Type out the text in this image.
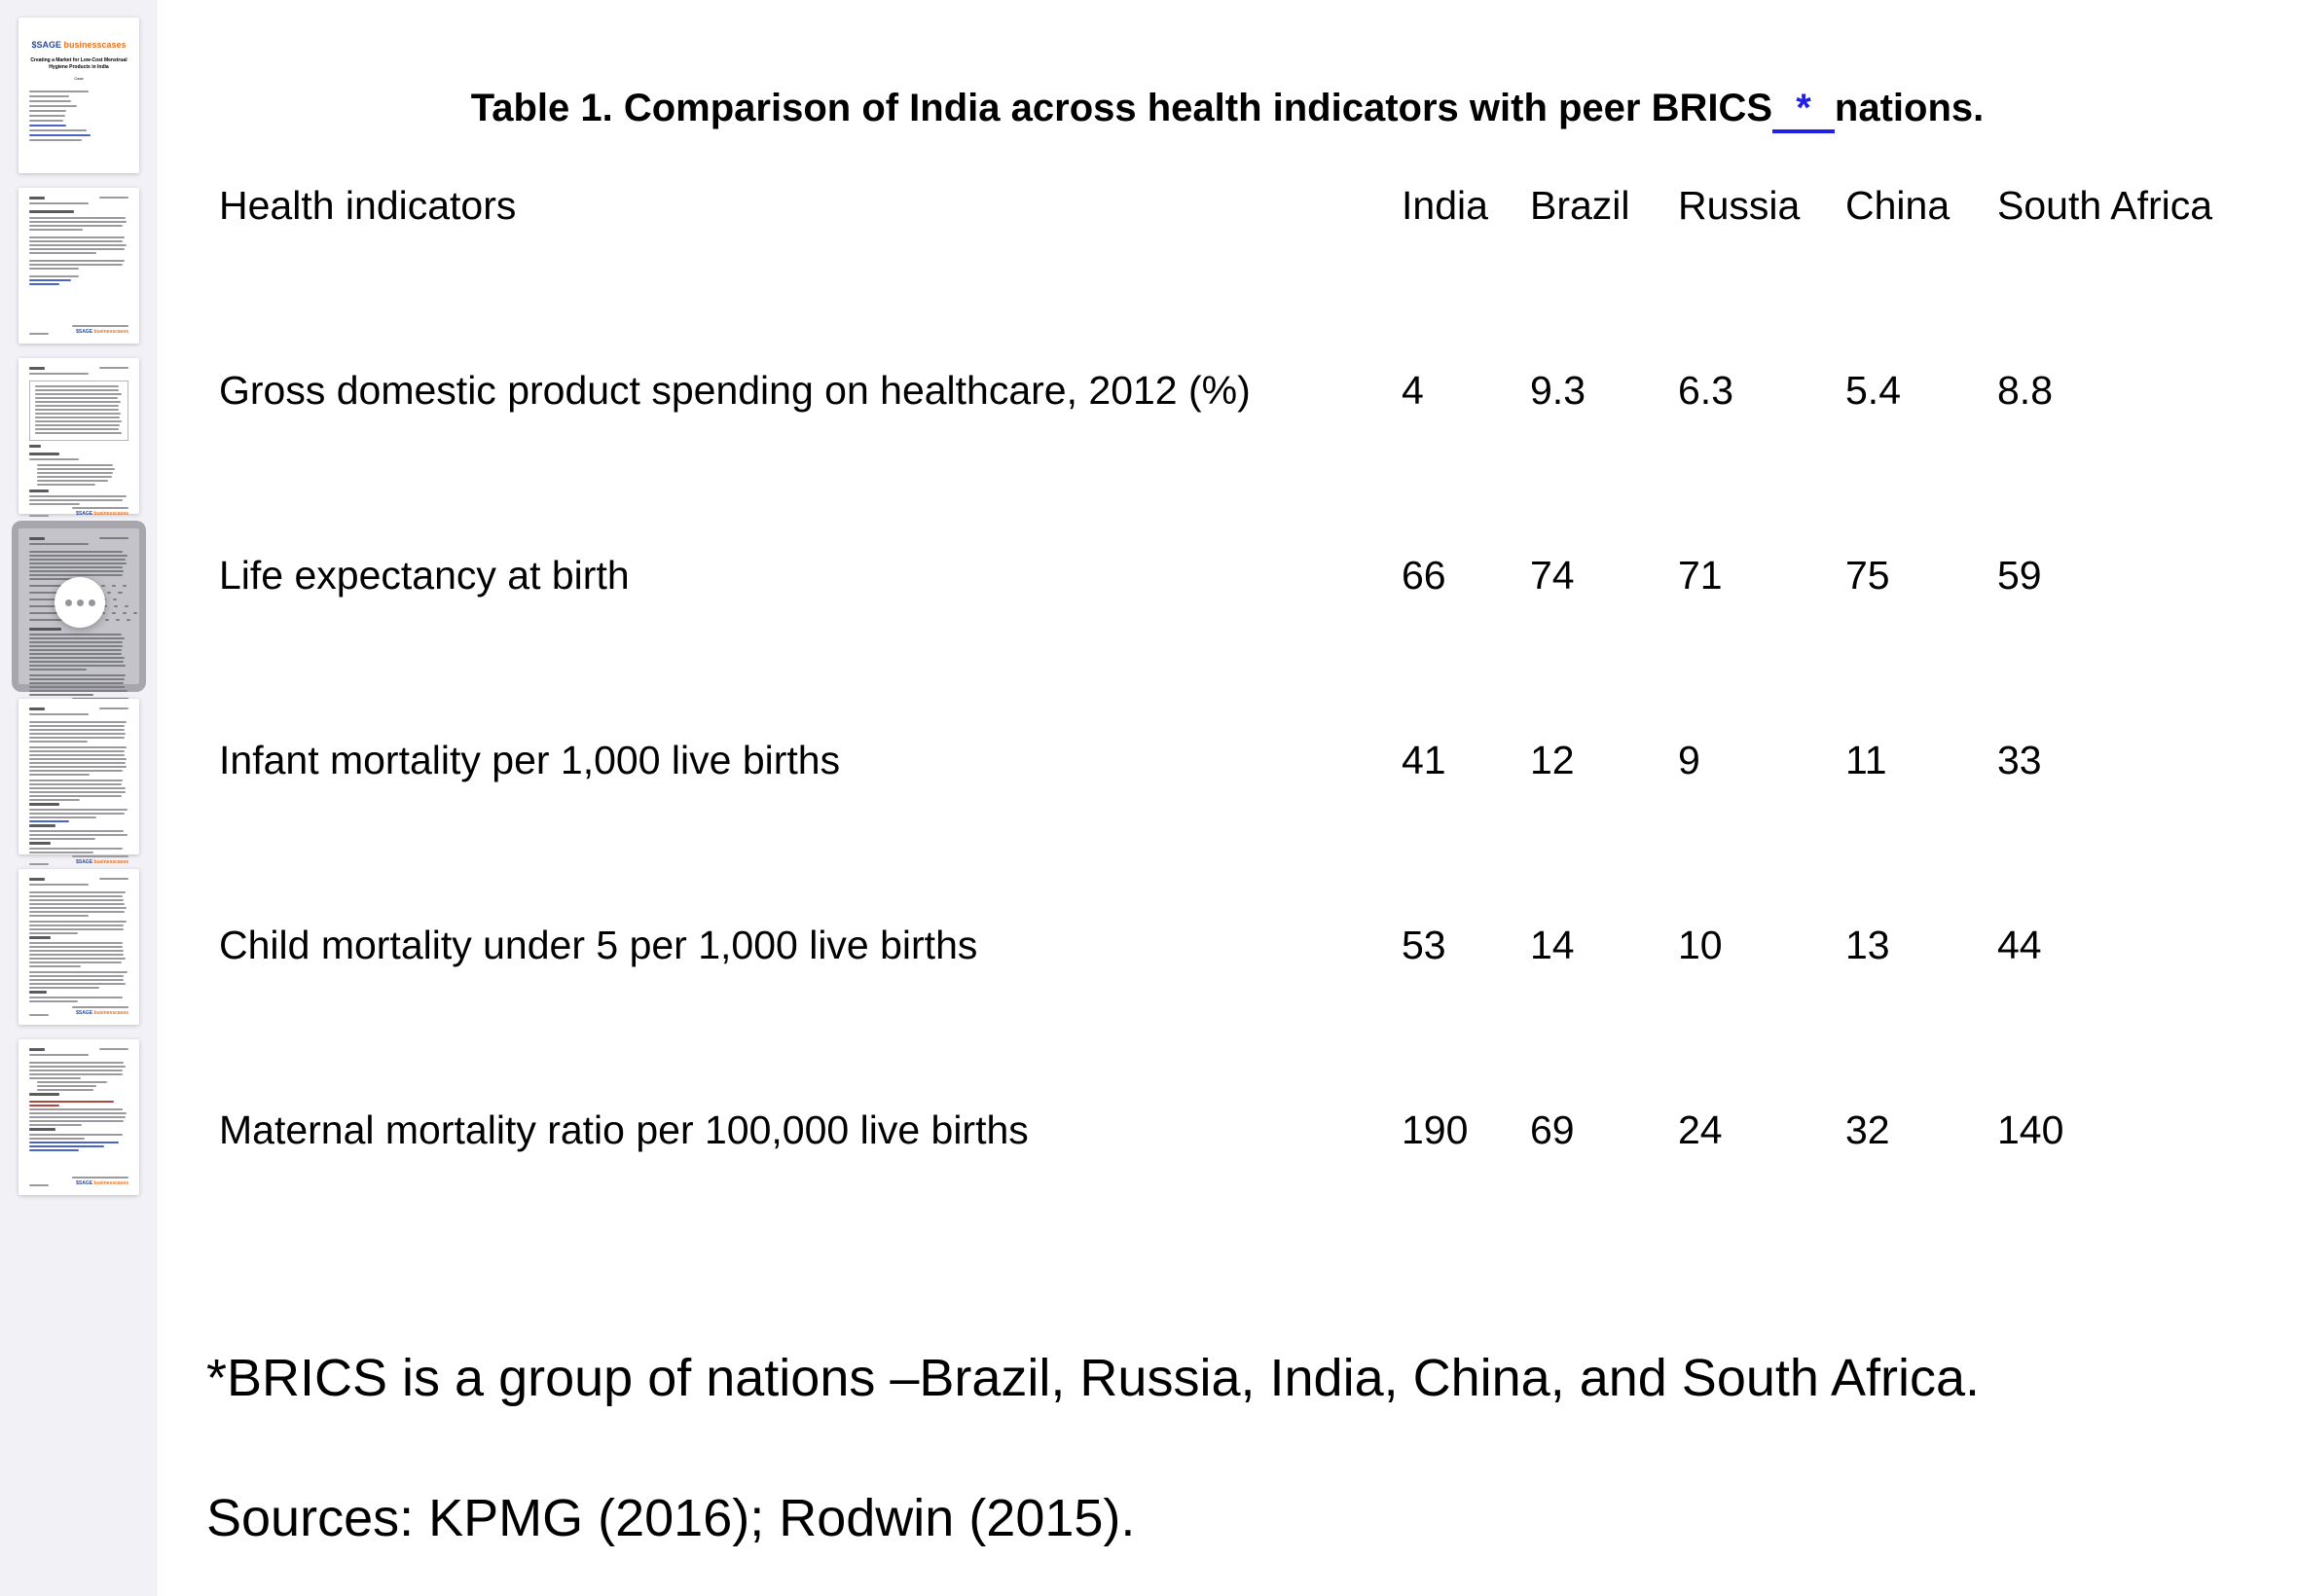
$SAGE businesscases
Creating a Market for Low-Cost Menstrual Hygiene Products in India
Case
$SAGE businesscases
$SAGE businesscases
$SAGE businesscases
$SAGE businesscases
$SAGE businesscases
Table 1. Comparison of India across health indicators with peer BRICS * nations.
Health indicators	India	Brazil	Russia	China	South Africa
Gross domestic product spending on healthcare, 2012 (%)	4	9.3	6.3	5.4	8.8
Life expectancy at birth	66	74	71	75	59
Infant mortality per 1,000 live births	41	12	9	11	33
Child mortality under 5 per 1,000 live births	53	14	10	13	44
Maternal mortality ratio per 100,000 live births	190	69	24	32	140

*BRICS is a group of nations –Brazil, Russia, India, China, and South Africa.

Sources: KPMG (2016); Rodwin (2015).
